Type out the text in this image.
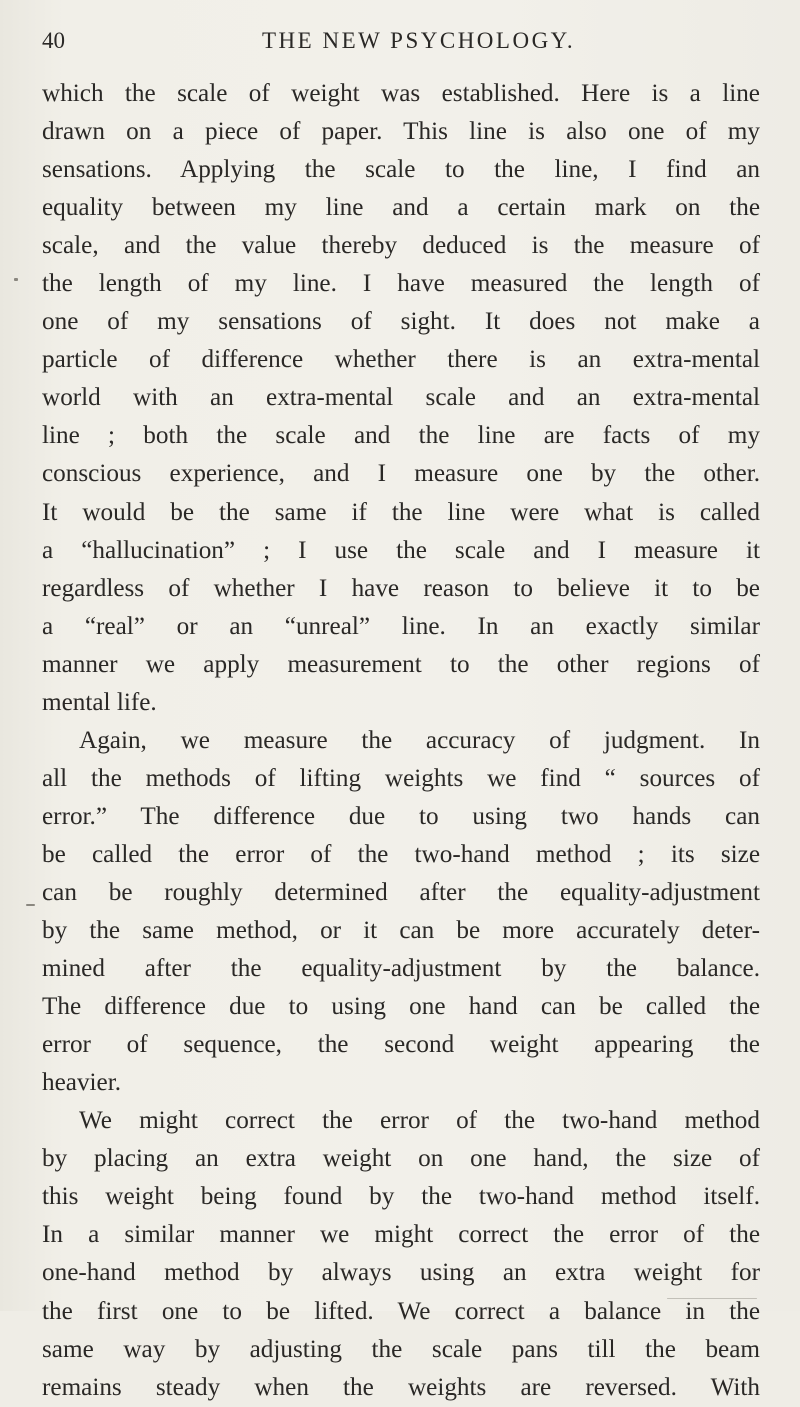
40	THE NEW PSYCHOLOGY.
which the scale of weight was established. Here is a line
drawn on a piece of paper. This line is also one of my
sensations. Applying the scale to the line, I find an
equality between my line and a certain mark on the
scale, and the value thereby deduced is the measure of
the length of my line. I have measured the length of
one of my sensations of sight. It does not make a
particle of difference whether there is an extra-mental
world with an extra-mental scale and an extra-mental
line ; both the scale and the line are facts of my
conscious experience, and I measure one by the other.
It would be the same if the line were what is called
a “hallucination” ; I use the scale and I measure it
regardless of whether I have reason to believe it to be
a “real” or an “unreal” line. In an exactly similar
manner we apply measurement to the other regions of
mental life.
Again, we measure the accuracy of judgment. In
all the methods of lifting weights we find “ sources of
error.” The difference due to using two hands can
be called the error of the two-hand method ; its size
can be roughly determined after the equality-adjustment
by the same method, or it can be more accurately deter-
mined after the equality-adjustment by the balance.
The difference due to using one hand can be called the
error of sequence, the second weight appearing the
heavier.
We might correct the error of the two-hand method
by placing an extra weight on one hand, the size of
this weight being found by the two-hand method itself.
In a similar manner we might correct the error of the
one-hand method by always using an extra weight for
the first one to be lifted. We correct a balance in the
same way by adjusting the scale pans till the beam
remains steady when the weights are reversed. With
